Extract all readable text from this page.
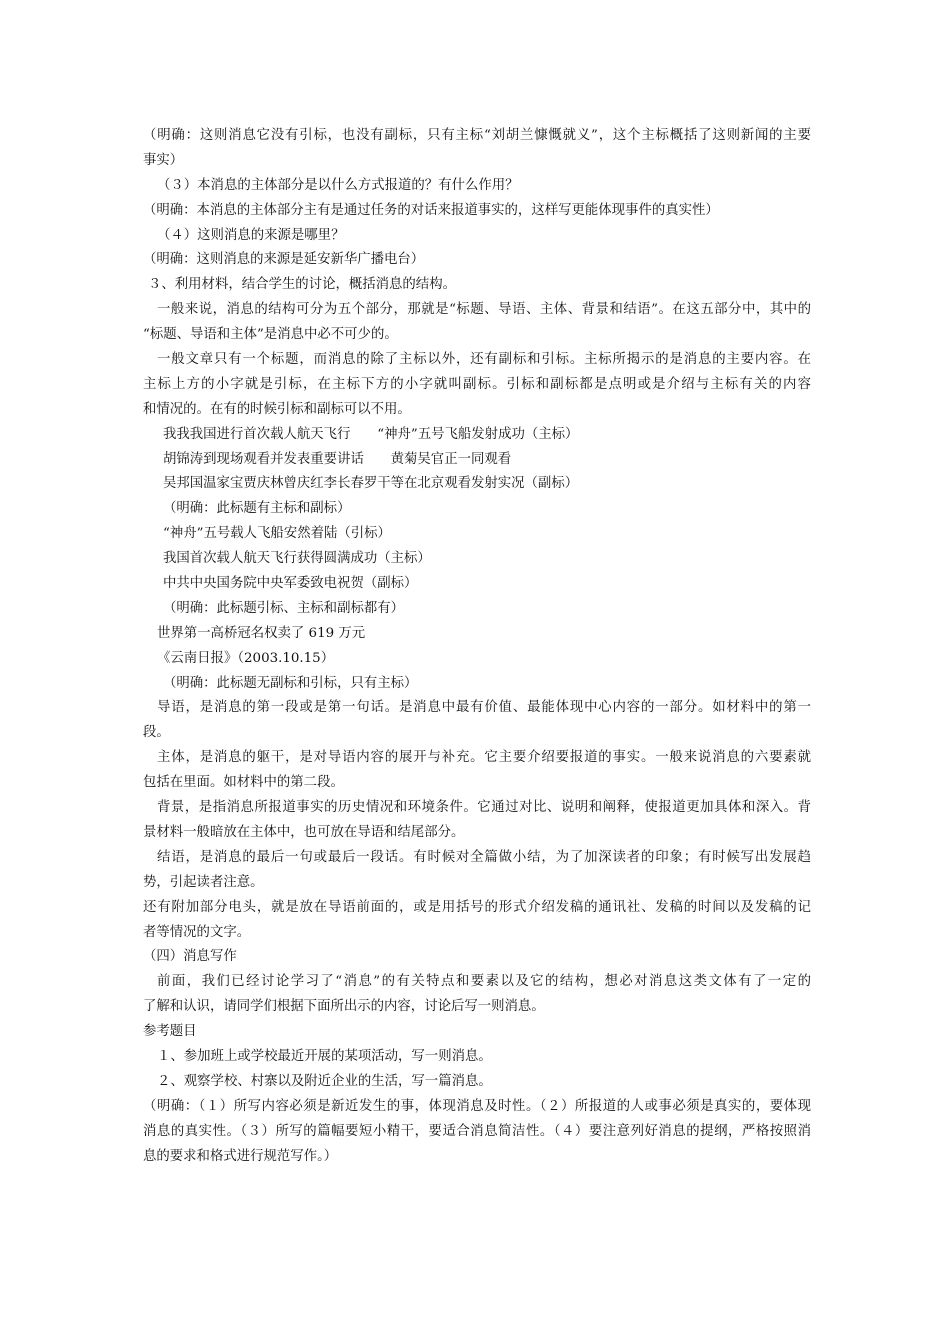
（明确：这则消息它没有引标，也没有副标，只有主标“刘胡兰慷慨就义”，这个主标概括了这则新闻的主要
事实）
（３）本消息的主体部分是以什么方式报道的？有什么作用？
（明确：本消息的主体部分主有是通过任务的对话来报道事实的，这样写更能体现事件的真实性）
（４）这则消息的来源是哪里？
（明确：这则消息的来源是延安新华广播电台）
３、利用材料，结合学生的讨论，概括消息的结构。
一般来说，消息的结构可分为五个部分，那就是“标题、导语、主体、背景和结语”。在这五部分中，其中的
“标题、导语和主体”是消息中必不可少的。
一般文章只有一个标题，而消息的除了主标以外，还有副标和引标。主标所揭示的是消息的主要内容。在
主标上方的小字就是引标，在主标下方的小字就叫副标。引标和副标都是点明或是介绍与主标有关的内容
和情况的。在有的时候引标和副标可以不用。
我我我国进行首次载人航天飞行　　“神舟”五号飞船发射成功（主标）
胡锦涛到现场观看并发表重要讲话　　黄菊吴官正一同观看
吴邦国温家宝贾庆林曾庆红李长春罗干等在北京观看发射实况（副标）
（明确：此标题有主标和副标）
“神舟”五号载人飞船安然着陆（引标）
我国首次载人航天飞行获得圆满成功（主标）
中共中央国务院中央军委致电祝贺（副标）
（明确：此标题引标、主标和副标都有）
世界第一高桥冠名权卖了 619 万元
《云南日报》（2003.10.15）
（明确：此标题无副标和引标，只有主标）
导语，是消息的第一段或是第一句话。是消息中最有价值、最能体现中心内容的一部分。如材料中的第一
段。
主体，是消息的躯干，是对导语内容的展开与补充。它主要介绍要报道的事实。一般来说消息的六要素就
包括在里面。如材料中的第二段。
背景，是指消息所报道事实的历史情况和环境条件。它通过对比、说明和阐释，使报道更加具体和深入。背
景材料一般暗放在主体中，也可放在导语和结尾部分。
结语，是消息的最后一句或最后一段话。有时候对全篇做小结，为了加深读者的印象；有时候写出发展趋
势，引起读者注意。
还有附加部分电头，就是放在导语前面的，或是用括号的形式介绍发稿的通讯社、发稿的时间以及发稿的记
者等情况的文字。
（四）消息写作
前面，我们已经讨论学习了“消息”的有关特点和要素以及它的结构，想必对消息这类文体有了一定的
了解和认识，请同学们根据下面所出示的内容，讨论后写一则消息。
参考题目
１、参加班上或学校最近开展的某项活动，写一则消息。
２、观察学校、村寨以及附近企业的生活，写一篇消息。
（明确：（１）所写内容必须是新近发生的事，体现消息及时性。（２）所报道的人或事必须是真实的，要体现
消息的真实性。（３）所写的篇幅要短小精干，要适合消息简洁性。（４）要注意列好消息的提纲，严格按照消
息的要求和格式进行规范写作。）
